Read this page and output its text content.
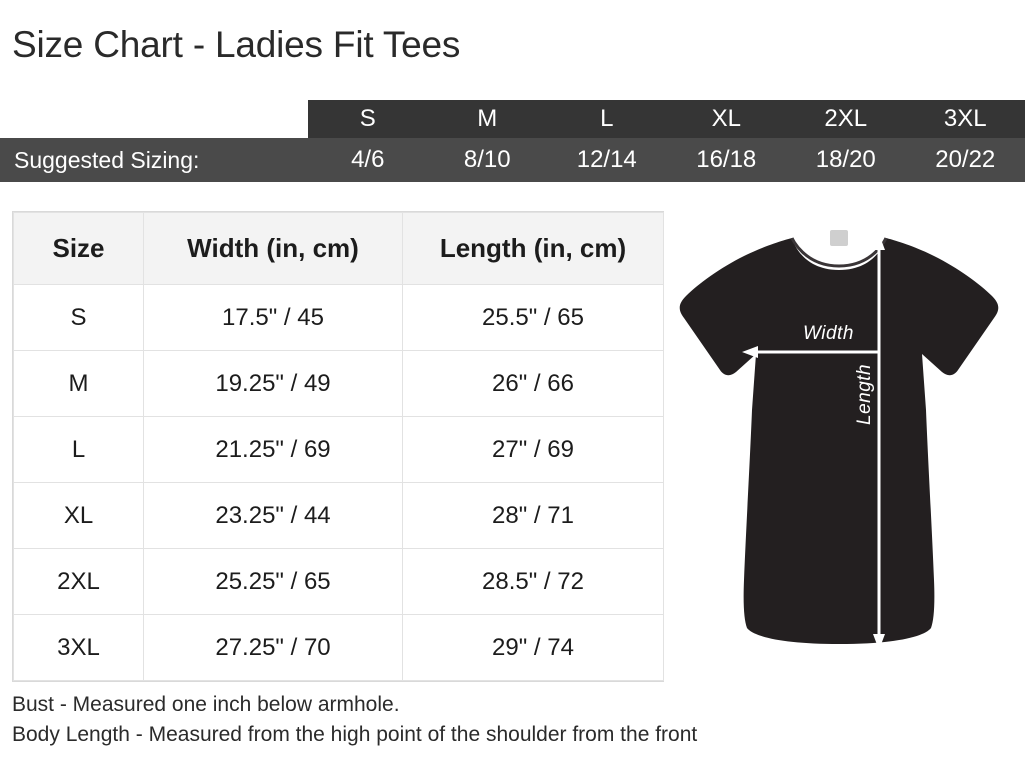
Size Chart - Ladies Fit Tees
S	M	L	XL	2XL	3XL
Suggested Sizing:	4/6	8/10	12/14	16/18	18/20	20/22
Size	Width (in, cm)	Length (in, cm)
S	17.5" / 45	25.5" / 65
M	19.25" / 49	26" / 66
L	21.25" / 69	27" / 69
XL	23.25" / 44	28" / 71
2XL	25.25" / 65	28.5" / 72
3XL	27.25" / 70	29" / 74
Width
Length
Bust - Measured one inch below armhole.
Body Length - Measured from the high point of the shoulder from the front
